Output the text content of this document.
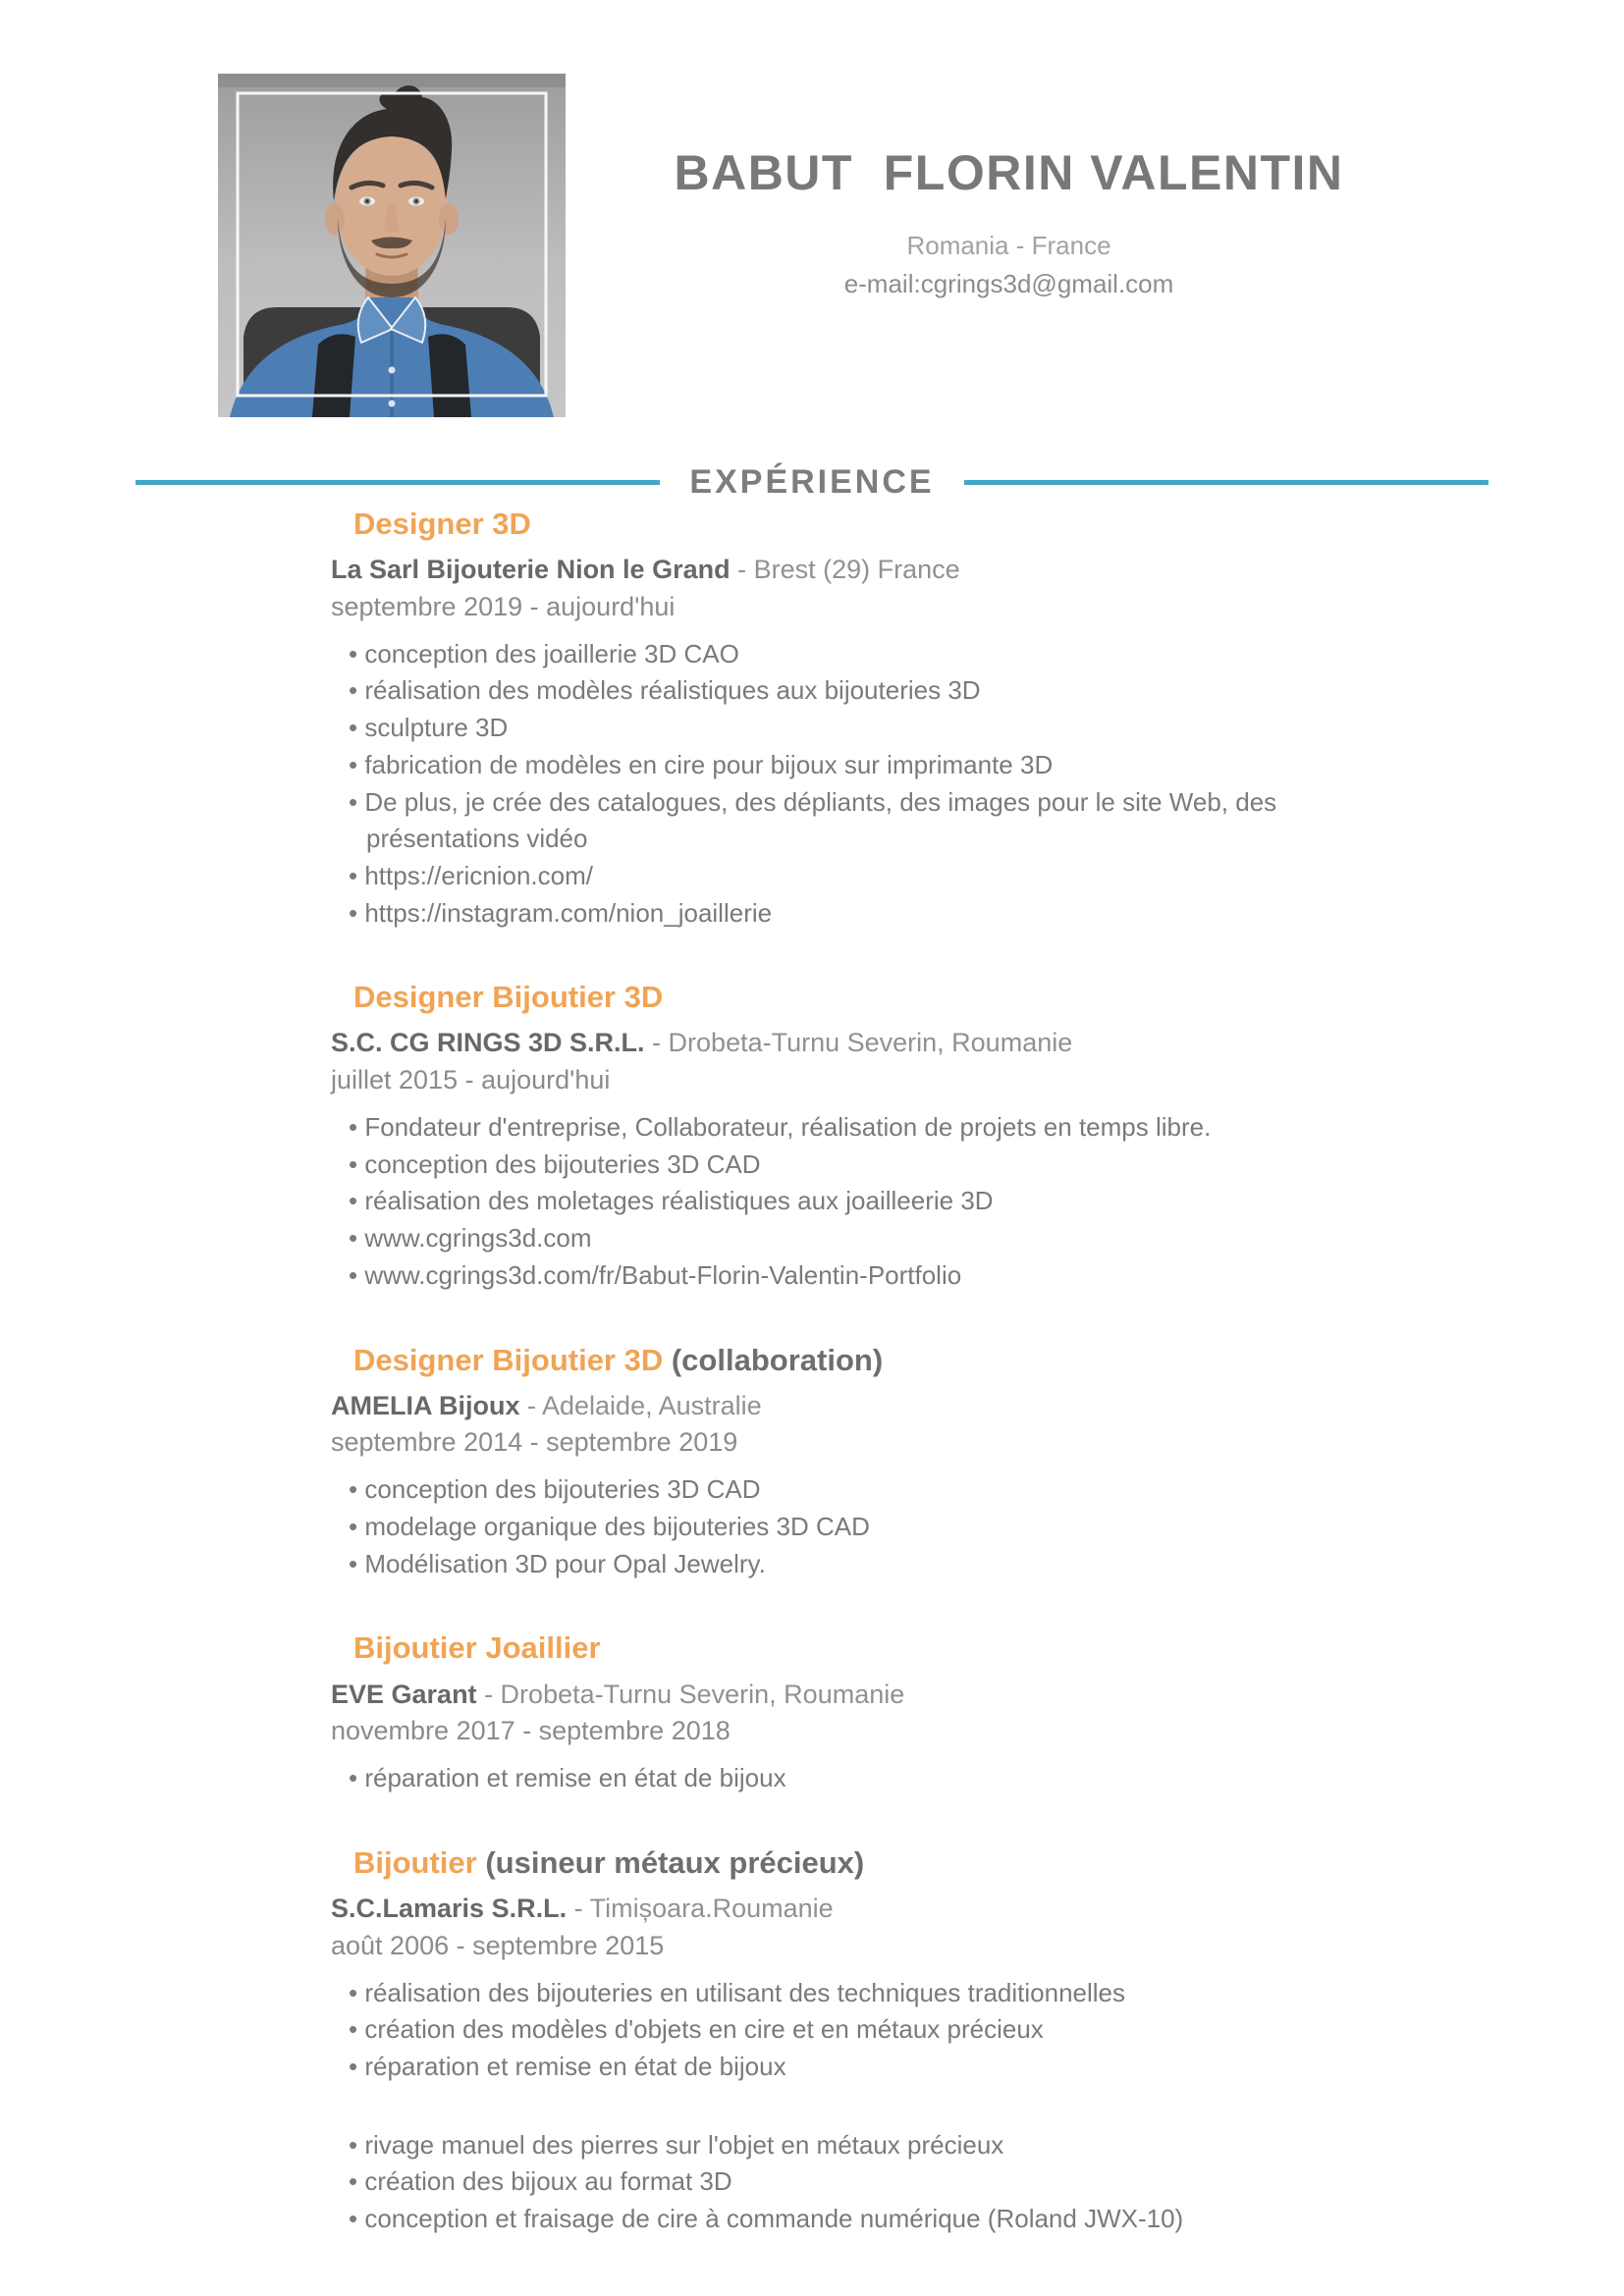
BABUT  FLORIN VALENTIN
Romania - France
e-mail:cgrings3d@gmail.com
EXPÉRIENCE
Designer 3D
La Sarl Bijouterie Nion le Grand - Brest (29) France
septembre 2019 - aujourd'hui
• conception des joaillerie 3D CAO
• réalisation des modèles réalistiques aux bijouteries 3D
• sculpture 3D
• fabrication de modèles en cire pour bijoux sur imprimante 3D
• De plus, je crée des catalogues, des dépliants, des images pour le site Web, des présentations vidéo
• https://ericnion.com/
• https://instagram.com/nion_joaillerie
Designer Bijoutier 3D
S.C. CG RINGS 3D S.R.L. - Drobeta-Turnu Severin, Roumanie
juillet 2015 - aujourd'hui
• Fondateur d'entreprise, Collaborateur, réalisation de projets en temps libre.
• conception des bijouteries 3D CAD
• réalisation des moletages réalistiques aux joailleerie 3D
• www.cgrings3d.com
• www.cgrings3d.com/fr/Babut-Florin-Valentin-Portfolio
Designer Bijoutier 3D (collaboration)
AMELIA Bijoux - Adelaide, Australie
septembre 2014 - septembre 2019
• conception des bijouteries 3D CAD
• modelage organique des bijouteries 3D CAD
• Modélisation 3D pour Opal Jewelry.
Bijoutier Joaillier
EVE Garant - Drobeta-Turnu Severin, Roumanie
novembre 2017 - septembre 2018
• réparation et remise en état de bijoux
Bijoutier (usineur métaux précieux)
S.C.Lamaris S.R.L. - Timișoara.Roumanie
août 2006 - septembre 2015
• réalisation des bijouteries en utilisant des techniques traditionnelles
• création des modèles d'objets en cire et en métaux précieux
• réparation et remise en état de bijoux
• rivage manuel des pierres sur l'objet en métaux précieux
• création des bijoux au format 3D
• conception et fraisage de cire à commande numérique (Roland JWX-10)
